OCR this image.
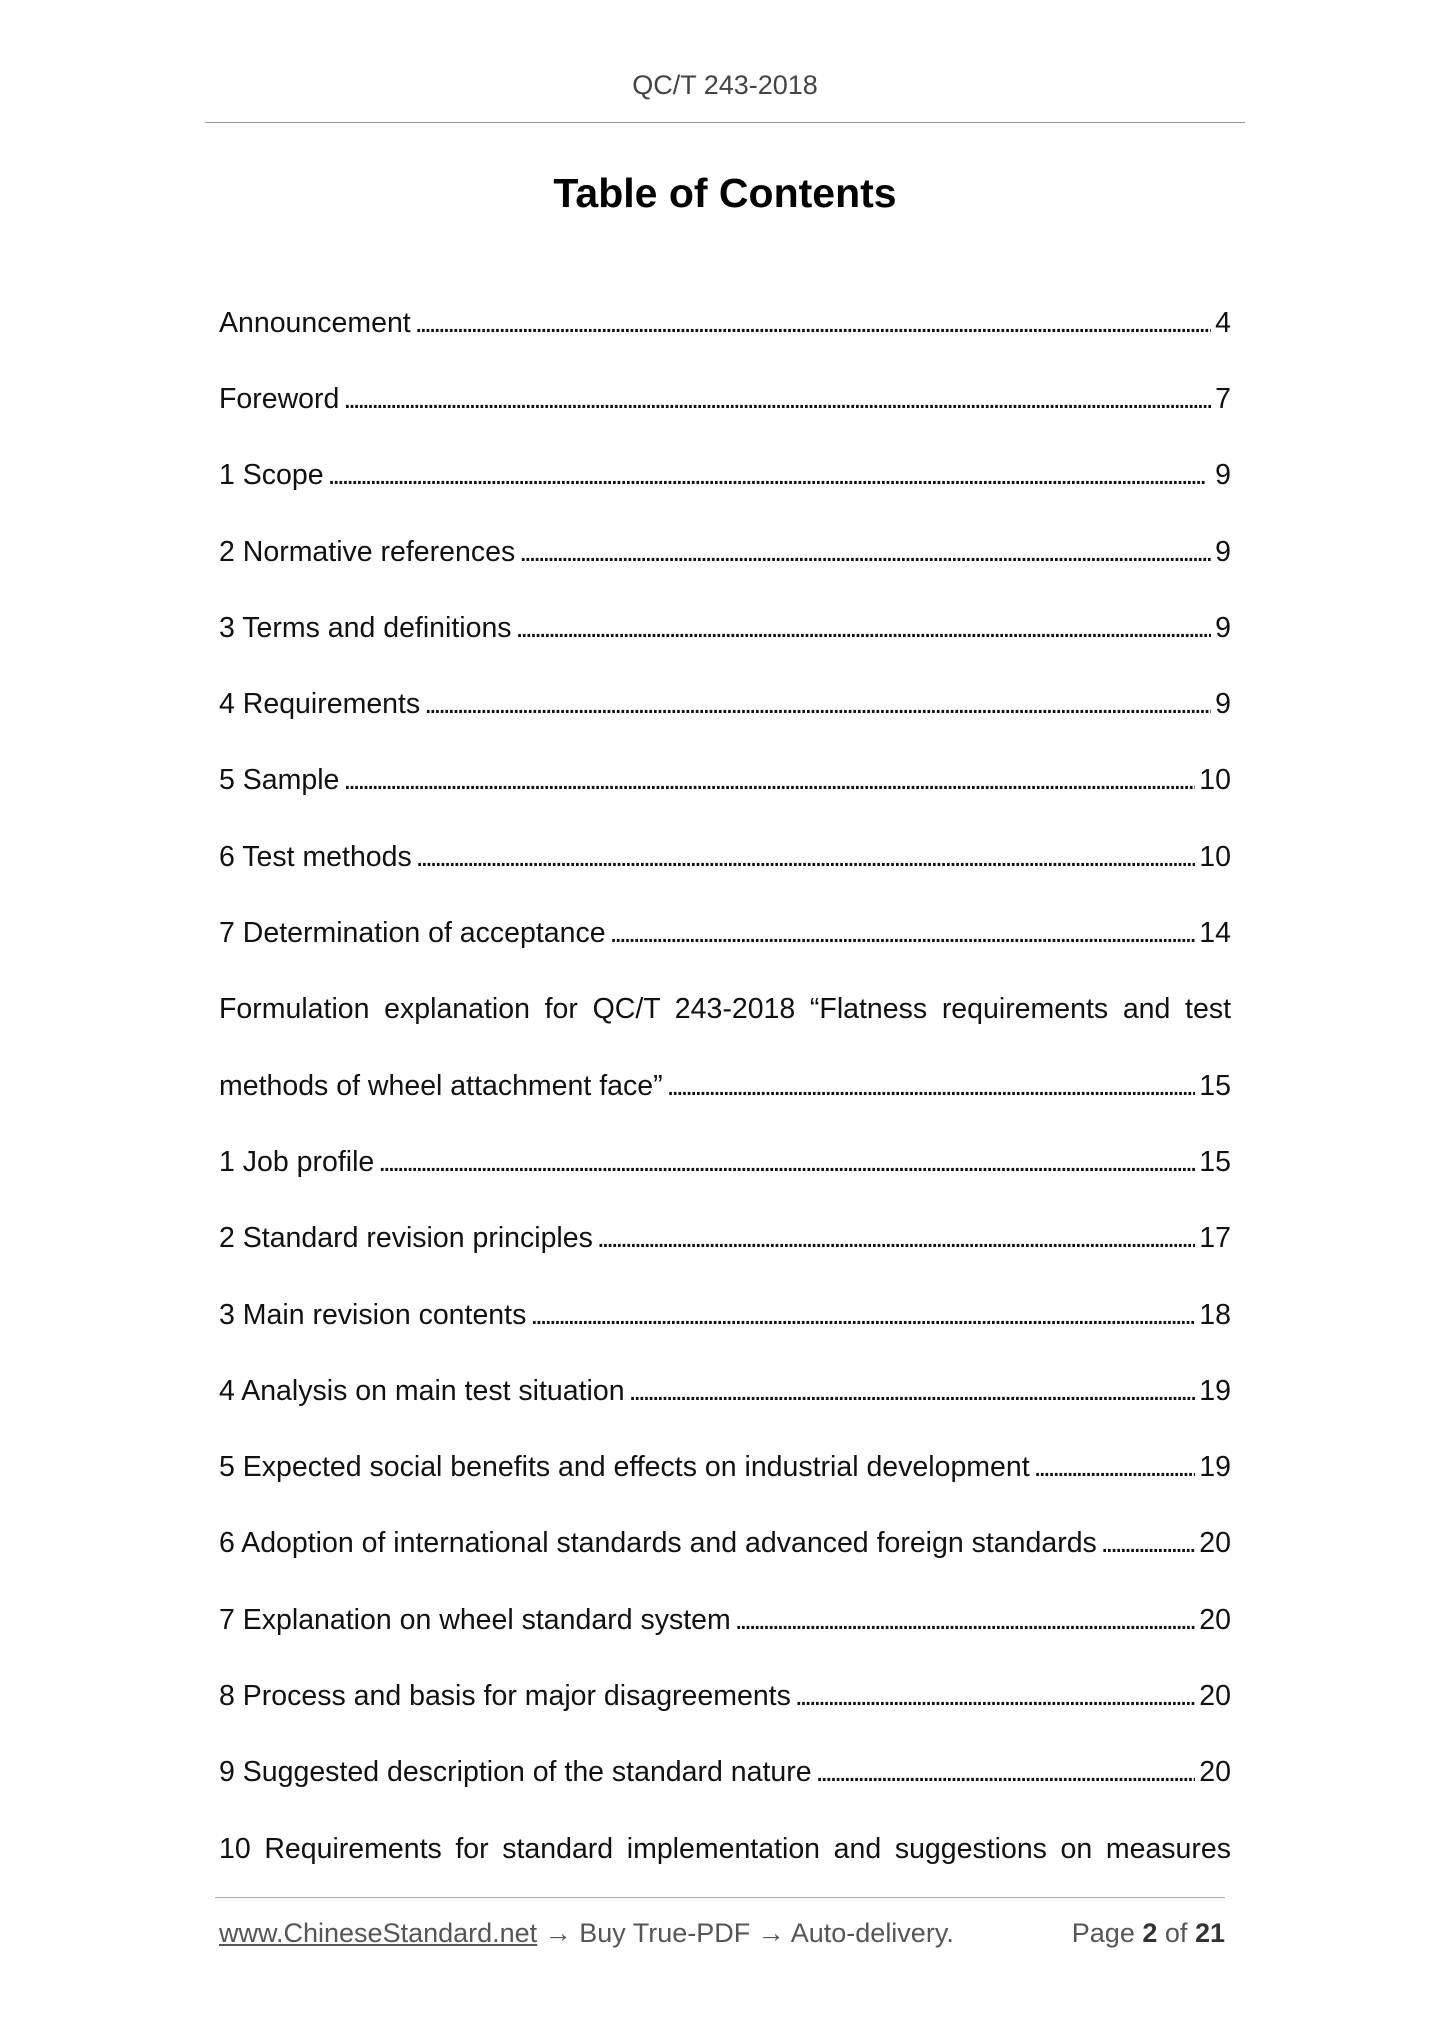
QC/T 243-2018
Table of Contents
Announcement . . .	4
Foreword . . .	7
1 Scope . . .	9
2 Normative references . . .	9
3 Terms and definitions . . .	9
4 Requirements . . .	9
5 Sample . . .	10
6 Test methods . . .	10
7 Determination of acceptance . . .	14
Formulation explanation for QC/T 243-2018 “Flatness requirements and test
methods of wheel attachment face” . . .	15
1 Job profile . . .	15
2 Standard revision principles . . .	17
3 Main revision contents . . .	18
4 Analysis on main test situation . . .	19
5 Expected social benefits and effects on industrial development . . .	19
6 Adoption of international standards and advanced foreign standards . . .	20
7 Explanation on wheel standard system . . .	20
8 Process and basis for major disagreements . . .	20
9 Suggested description of the standard nature . . .	20
10 Requirements for standard implementation and suggestions on measures
www.ChineseStandard.net → Buy True-PDF → Auto-delivery.	Page 2 of 21
